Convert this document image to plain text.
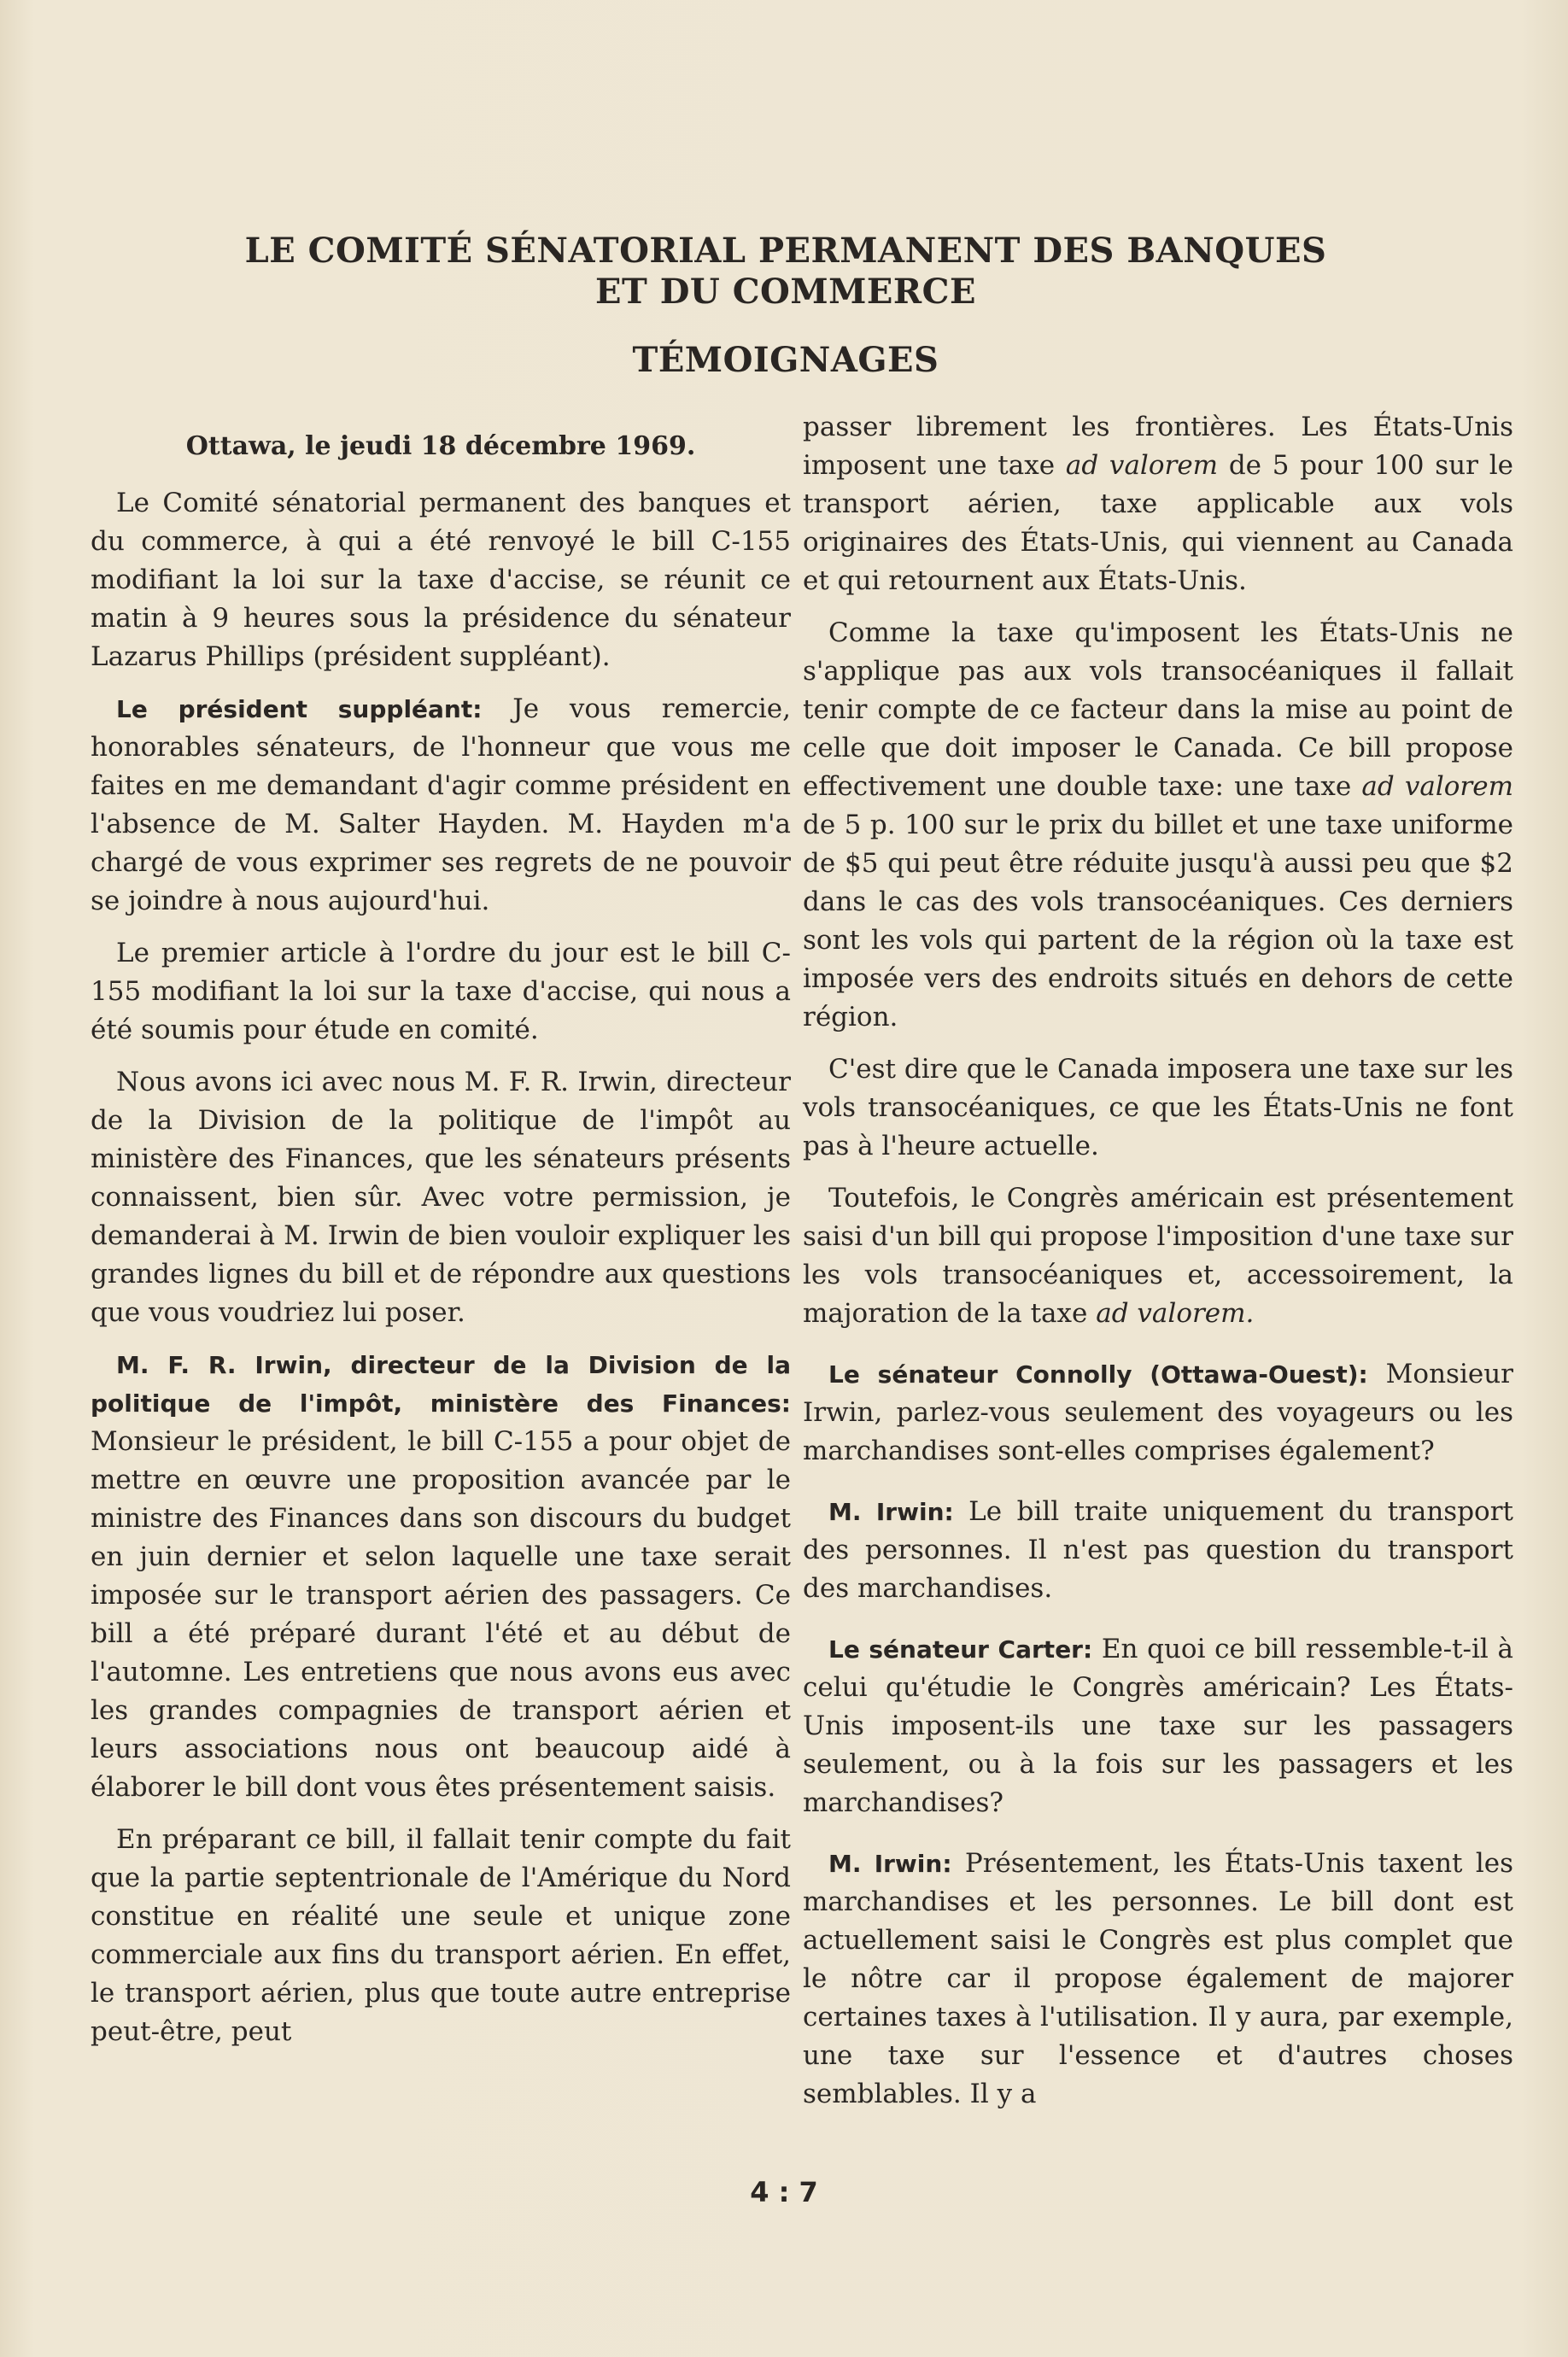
LE COMITÉ SÉNATORIAL PERMANENT DES BANQUES
ET DU COMMERCE
TÉMOIGNAGES
Ottawa, le jeudi 18 décembre 1969.

Le Comité sénatorial permanent des banques et du commerce, à qui a été renvoyé le bill C-155 modifiant la loi sur la taxe d'accise, se réunit ce matin à 9 heures sous la présidence du sénateur Lazarus Phillips (président suppléant).

Le président suppléant: Je vous remercie, honorables sénateurs, de l'honneur que vous me faites en me demandant d'agir comme président en l'absence de M. Salter Hayden. M. Hayden m'a chargé de vous exprimer ses regrets de ne pouvoir se joindre à nous aujourd'hui.

Le premier article à l'ordre du jour est le bill C-155 modifiant la loi sur la taxe d'accise, qui nous a été soumis pour étude en comité.

Nous avons ici avec nous M. F. R. Irwin, directeur de la Division de la politique de l'impôt au ministère des Finances, que les sénateurs présents connaissent, bien sûr. Avec votre permission, je demanderai à M. Irwin de bien vouloir expliquer les grandes lignes du bill et de répondre aux questions que vous voudriez lui poser.

M. F. R. Irwin, directeur de la Division de la politique de l'impôt, ministère des Finances: Monsieur le président, le bill C-155 a pour objet de mettre en œuvre une proposition avancée par le ministre des Finances dans son discours du budget en juin dernier et selon laquelle une taxe serait imposée sur le transport aérien des passagers. Ce bill a été préparé durant l'été et au début de l'automne. Les entretiens que nous avons eus avec les grandes compagnies de transport aérien et leurs associations nous ont beaucoup aidé à élaborer le bill dont vous êtes présentement saisis.

En préparant ce bill, il fallait tenir compte du fait que la partie septentrionale de l'Amérique du Nord constitue en réalité une seule et unique zone commerciale aux fins du transport aérien. En effet, le transport aérien, plus que toute autre entreprise peut-être, peut

passer librement les frontières. Les États-Unis imposent une taxe ad valorem de 5 pour 100 sur le transport aérien, taxe applicable aux vols originaires des États-Unis, qui viennent au Canada et qui retournent aux États-Unis.

Comme la taxe qu'imposent les États-Unis ne s'applique pas aux vols transocéaniques il fallait tenir compte de ce facteur dans la mise au point de celle que doit imposer le Canada. Ce bill propose effectivement une double taxe: une taxe ad valorem de 5 p. 100 sur le prix du billet et une taxe uniforme de $5 qui peut être réduite jusqu'à aussi peu que $2 dans le cas des vols transocéaniques. Ces derniers sont les vols qui partent de la région où la taxe est imposée vers des endroits situés en dehors de cette région.

C'est dire que le Canada imposera une taxe sur les vols transocéaniques, ce que les États-Unis ne font pas à l'heure actuelle.

Toutefois, le Congrès américain est présentement saisi d'un bill qui propose l'imposition d'une taxe sur les vols transocéaniques et, accessoirement, la majoration de la taxe ad valorem.

Le sénateur Connolly (Ottawa-Ouest): Monsieur Irwin, parlez-vous seulement des voyageurs ou les marchandises sont-elles comprises également?

M. Irwin: Le bill traite uniquement du transport des personnes. Il n'est pas question du transport des marchandises.

Le sénateur Carter: En quoi ce bill ressemble-t-il à celui qu'étudie le Congrès américain? Les États-Unis imposent-ils une taxe sur les passagers seulement, ou à la fois sur les passagers et les marchandises?

M. Irwin: Présentement, les États-Unis taxent les marchandises et les personnes. Le bill dont est actuellement saisi le Congrès est plus complet que le nôtre car il propose également de majorer certaines taxes à l'utilisation. Il y aura, par exemple, une taxe sur l'essence et d'autres choses semblables. Il y a

4 : 7
